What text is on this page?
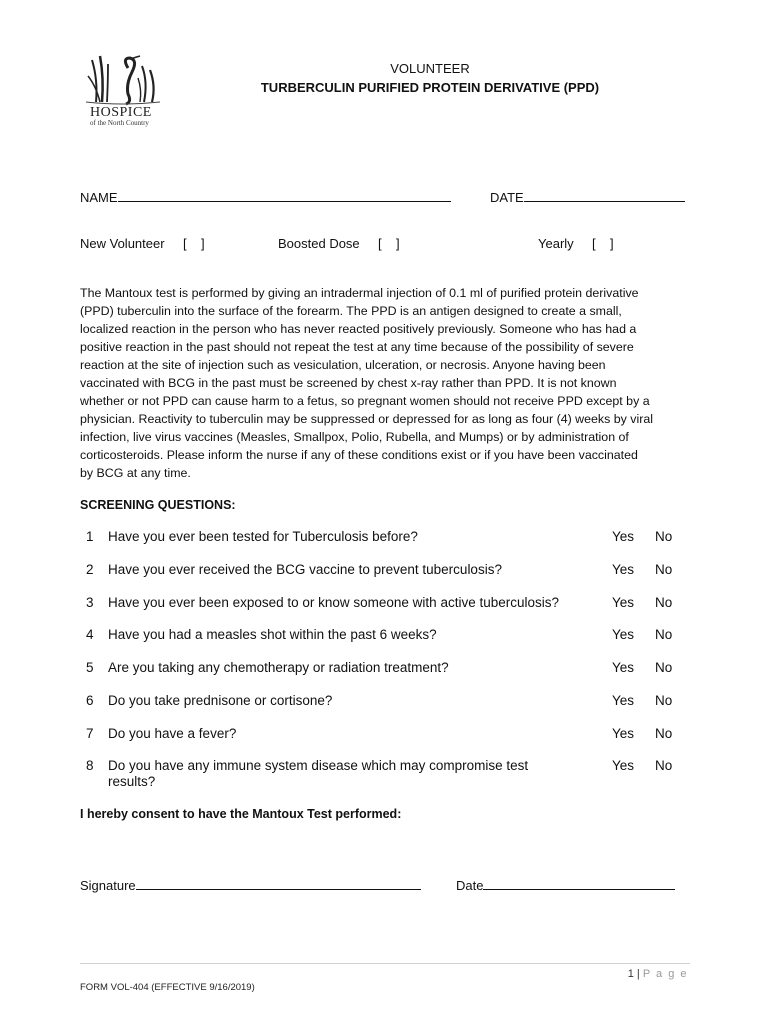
HOSPICE
of the North Country
VOLUNTEER
TURBERCULIN PURIFIED PROTEIN DERIVATIVE (PPD)
NAME	DATE
New Volunteer [    ]	Boosted Dose [    ]	Yearly [    ]
The Mantoux test is performed by giving an intradermal injection of 0.1 ml of purified protein derivative
(PPD) tuberculin into the surface of the forearm. The PPD is an antigen designed to create a small,
localized reaction in the person who has never reacted positively previously. Someone who has had a
positive reaction in the past should not repeat the test at any time because of the possibility of severe
reaction at the site of injection such as vesiculation, ulceration, or necrosis. Anyone having been
vaccinated with BCG in the past must be screened by chest x-ray rather than PPD. It is not known
whether or not PPD can cause harm to a fetus, so pregnant women should not receive PPD except by a
physician. Reactivity to tuberculin may be suppressed or depressed for as long as four (4) weeks by viral
infection, live virus vaccines (Measles, Smallpox, Polio, Rubella, and Mumps) or by administration of
corticosteroids. Please inform the nurse if any of these conditions exist or if you have been vaccinated
by BCG at any time.
SCREENING QUESTIONS:
1 Have you ever been tested for Tuberculosis before?	Yes No
2 Have you ever received the BCG vaccine to prevent tuberculosis?	Yes No
3 Have you ever been exposed to or know someone with active tuberculosis?	Yes No
4 Have you had a measles shot within the past 6 weeks?	Yes No
5 Are you taking any chemotherapy or radiation treatment?	Yes No
6 Do you take prednisone or cortisone?	Yes No
7 Do you have a fever?	Yes No
8 Do you have any immune system disease which may compromise test results?
Yes No
I hereby consent to have the Mantoux Test performed:
Signature	Date
1 | P a g e
FORM VOL-404 (EFFECTIVE 9/16/2019)
